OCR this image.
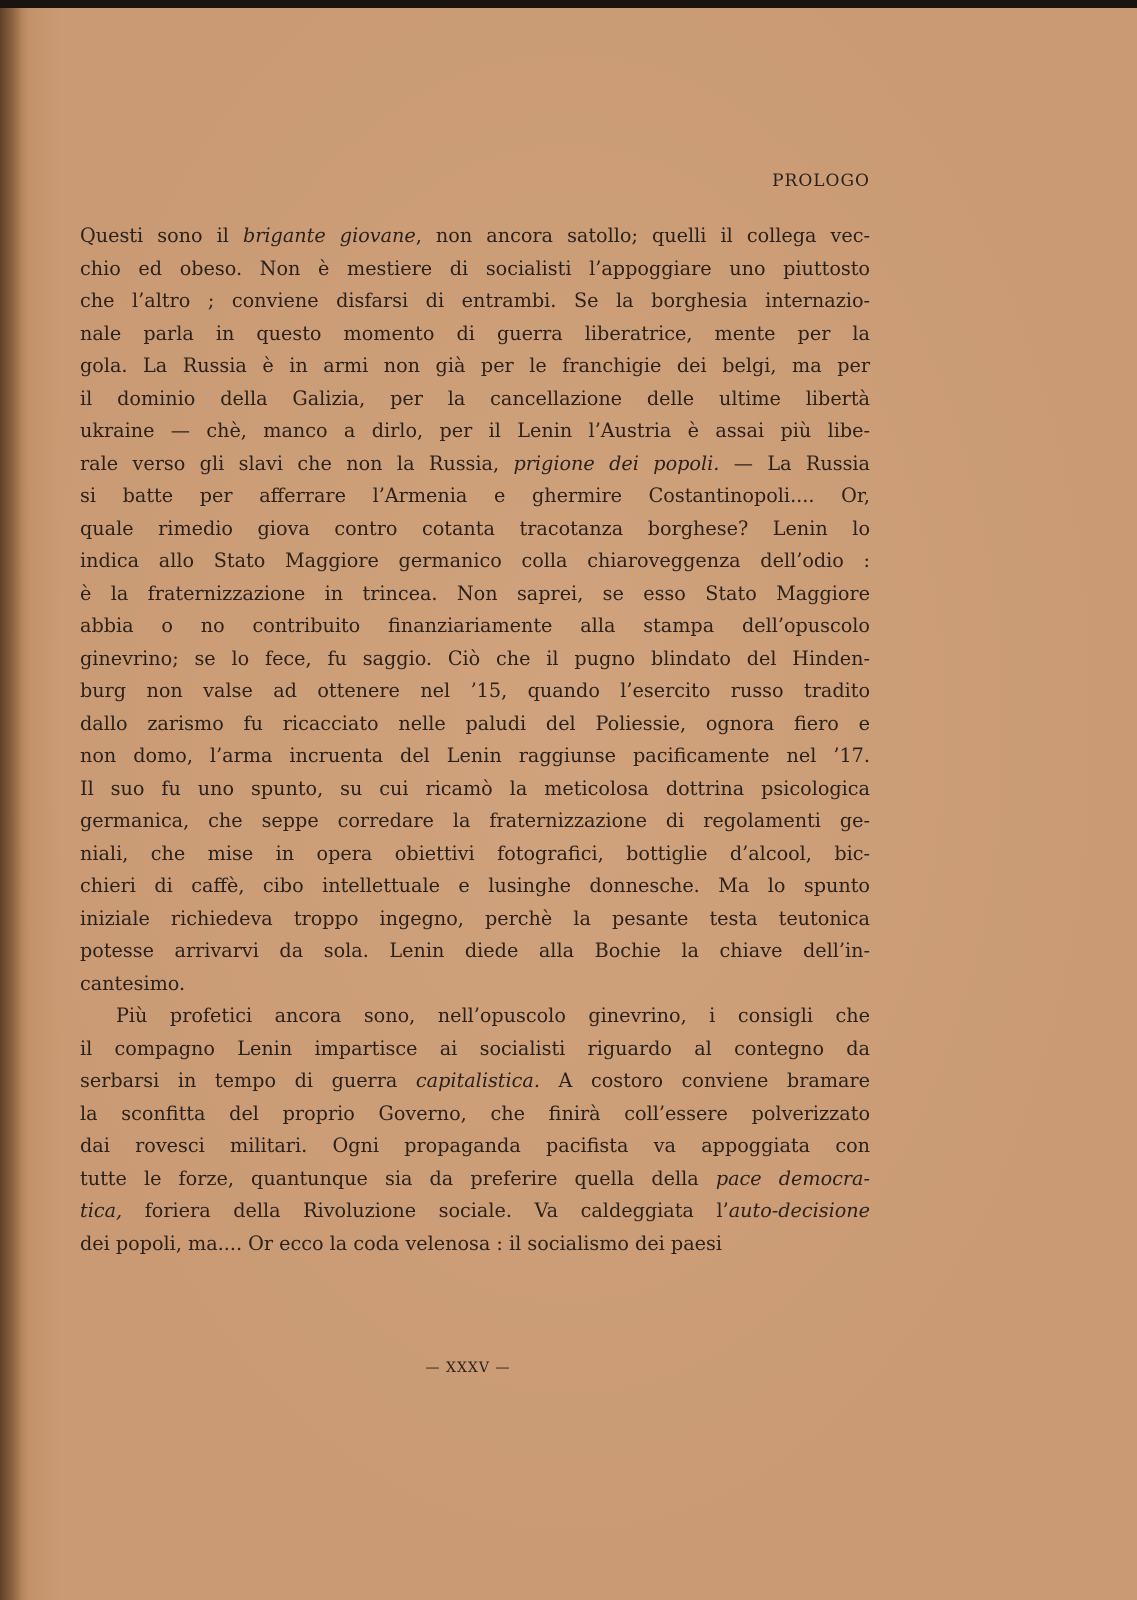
PROLOGO
Questi sono il brigante giovane, non ancora satollo; quelli il collega vec-
chio ed obeso. Non è mestiere di socialisti l’appoggiare uno piuttosto
che l’altro ; conviene disfarsi di entrambi. Se la borghesia internazio-
nale parla in questo momento di guerra liberatrice, mente per la
gola. La Russia è in armi non già per le franchigie dei belgi, ma per
il dominio della Galizia, per la cancellazione delle ultime libertà
ukraine — chè, manco a dirlo, per il Lenin l’Austria è assai più libe-
rale verso gli slavi che non la Russia, prigione dei popoli. — La Russia
si batte per afferrare l’Armenia e ghermire Costantinopoli.... Or,
quale rimedio giova contro cotanta tracotanza borghese? Lenin lo
indica allo Stato Maggiore germanico colla chiaroveggenza dell’odio :
è la fraternizzazione in trincea. Non saprei, se esso Stato Maggiore
abbia o no contribuito finanziariamente alla stampa dell’opuscolo
ginevrino; se lo fece, fu saggio. Ciò che il pugno blindato del Hinden-
burg non valse ad ottenere nel ’15, quando l’esercito russo tradito
dallo zarismo fu ricacciato nelle paludi del Poliessie, ognora fiero e
non domo, l’arma incruenta del Lenin raggiunse pacificamente nel ’17.
Il suo fu uno spunto, su cui ricamò la meticolosa dottrina psicologica
germanica, che seppe corredare la fraternizzazione di regolamenti ge-
niali, che mise in opera obiettivi fotografici, bottiglie d’alcool, bic-
chieri di caffè, cibo intellettuale e lusinghe donnesche. Ma lo spunto
iniziale richiedeva troppo ingegno, perchè la pesante testa teutonica
potesse arrivarvi da sola. Lenin diede alla Bochie la chiave dell’in-
cantesimo.
Più profetici ancora sono, nell’opuscolo ginevrino, i consigli che
il compagno Lenin impartisce ai socialisti riguardo al contegno da
serbarsi in tempo di guerra capitalistica. A costoro conviene bramare
la sconfitta del proprio Governo, che finirà coll’essere polverizzato
dai rovesci militari. Ogni propaganda pacifista va appoggiata con
tutte le forze, quantunque sia da preferire quella della pace democra-
tica, foriera della Rivoluzione sociale. Va caldeggiata l’auto-decisione
dei popoli, ma.... Or ecco la coda velenosa : il socialismo dei paesi
— XXXV —
